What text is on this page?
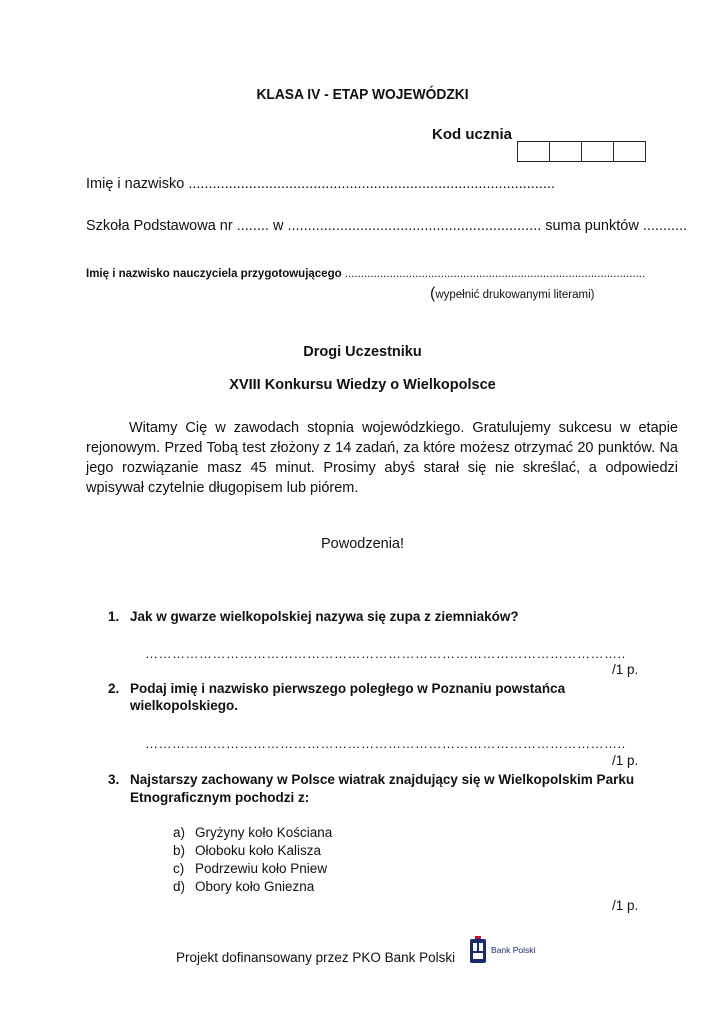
KLASA IV - ETAP WOJEWÓDZKI
Kod ucznia
Imię i nazwisko ...........................................................................................
Szkoła Podstawowa nr ........ w ............................................................... suma punktów ...........
Imię i nazwisko nauczyciela przygotowującego ..............................................................................................
(wypełnić drukowanymi literami)
Drogi Uczestniku
XVIII Konkursu Wiedzy o Wielkopolsce
Witamy Cię w zawodach stopnia wojewódzkiego. Gratulujemy sukcesu w etapie rejonowym. Przed Tobą test złożony z 14 zadań, za które możesz otrzymać 20 punktów. Na jego rozwiązanie masz 45 minut. Prosimy abyś starał się nie skreślać, a odpowiedzi wpisywał czytelnie długopisem lub piórem.
Powodzenia!
1. Jak w gwarze wielkopolskiej nazywa się zupa z ziemniaków?
……………………………………………………………………………………………..
/1 p.
2. Podaj imię i nazwisko pierwszego poległego w Poznaniu powstańca
wielkopolskiego.
……………………………………………………………………………………………..
/1 p.
3. Najstarszy zachowany w Polsce wiatrak znajdujący się w Wielkopolskim Parku
Etnograficznym pochodzi z:
a) Gryżyny koło Kościana
b) Ołoboku koło Kalisza
c) Podrzewiu koło Pniew
d) Obory koło Gniezna
/1 p.
Projekt dofinansowany przez PKO Bank Polski	Bank Polski
